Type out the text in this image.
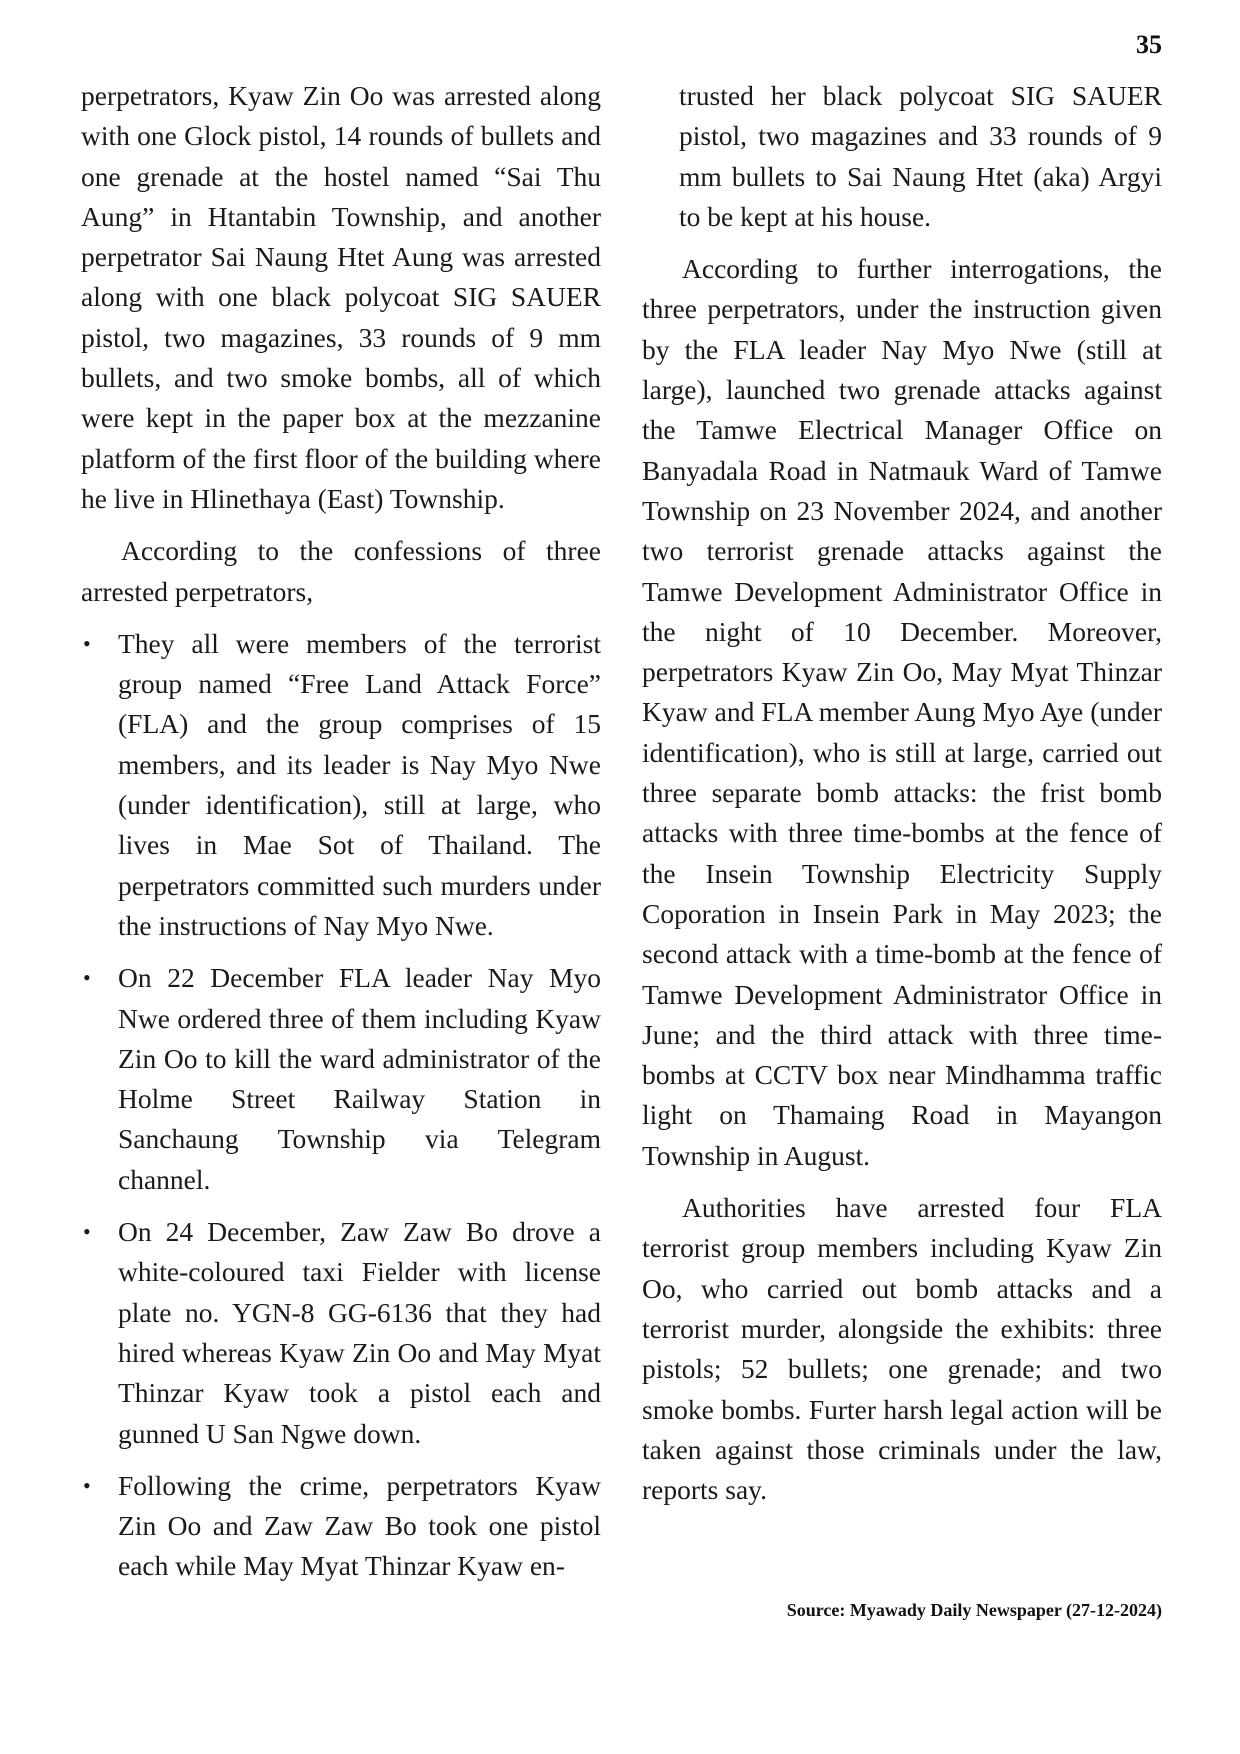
35

perpetrators, Kyaw Zin Oo was arrested along with one Glock pistol, 14 rounds of bullets and one grenade at the hostel named “Sai Thu Aung” in Htantabin Township, and another perpetrator Sai Naung Htet Aung was arrested along with one black polycoat SIG SAUER pistol, two magazines, 33 rounds of 9 mm bullets, and two smoke bombs, all of which were kept in the paper box at the mezzanine platform of the first floor of the building where he live in Hlinethaya (East) Township.

According to the confessions of three arrested perpetrators,

• They all were members of the terrorist group named “Free Land Attack Force” (FLA) and the group comprises of 15 members, and its leader is Nay Myo Nwe (under identification), still at large, who lives in Mae Sot of Thailand. The perpetrators committed such murders under the instructions of Nay Myo Nwe.
• On 22 December FLA leader Nay Myo Nwe ordered three of them including Kyaw Zin Oo to kill the ward administrator of the Holme Street Railway Station in Sanchaung Township via Telegram channel.
• On 24 December, Zaw Zaw Bo drove a white-coloured taxi Fielder with license plate no. YGN-8 GG-6136 that they had hired whereas Kyaw Zin Oo and May Myat Thinzar Kyaw took a pistol each and gunned U San Ngwe down.
• Following the crime, perpetrators Kyaw Zin Oo and Zaw Zaw Bo took one pistol each while May Myat Thinzar Kyaw en-

trusted her black polycoat SIG SAUER pistol, two magazines and 33 rounds of 9 mm bullets to Sai Naung Htet (aka) Argyi to be kept at his house.

According to further interrogations, the three perpetrators, under the instruction given by the FLA leader Nay Myo Nwe (still at large), launched two grenade attacks against the Tamwe Electrical Manager Office on Banyadala Road in Natmauk Ward of Tamwe Township on 23 November 2024, and another two terrorist grenade attacks against the Tamwe Development Administrator Office in the night of 10 December. Moreover, perpetrators Kyaw Zin Oo, May Myat Thinzar Kyaw and FLA member Aung Myo Aye (under identification), who is still at large, carried out three separate bomb attacks: the frist bomb attacks with three time-bombs at the fence of the Insein Township Electricity Supply Coporation in Insein Park in May 2023; the second attack with a time-bomb at the fence of Tamwe Development Administrator Office in June; and the third attack with three time-bombs at CCTV box near Mindhamma traffic light on Thamaing Road in Mayangon Township in August.

Authorities have arrested four FLA terrorist group members including Kyaw Zin Oo, who carried out bomb attacks and a terrorist murder, alongside the exhibits: three pistols; 52 bullets; one grenade; and two smoke bombs. Furter harsh legal action will be taken against those criminals under the law, reports say.

Source: Myawady Daily Newspaper (27-12-2024)
